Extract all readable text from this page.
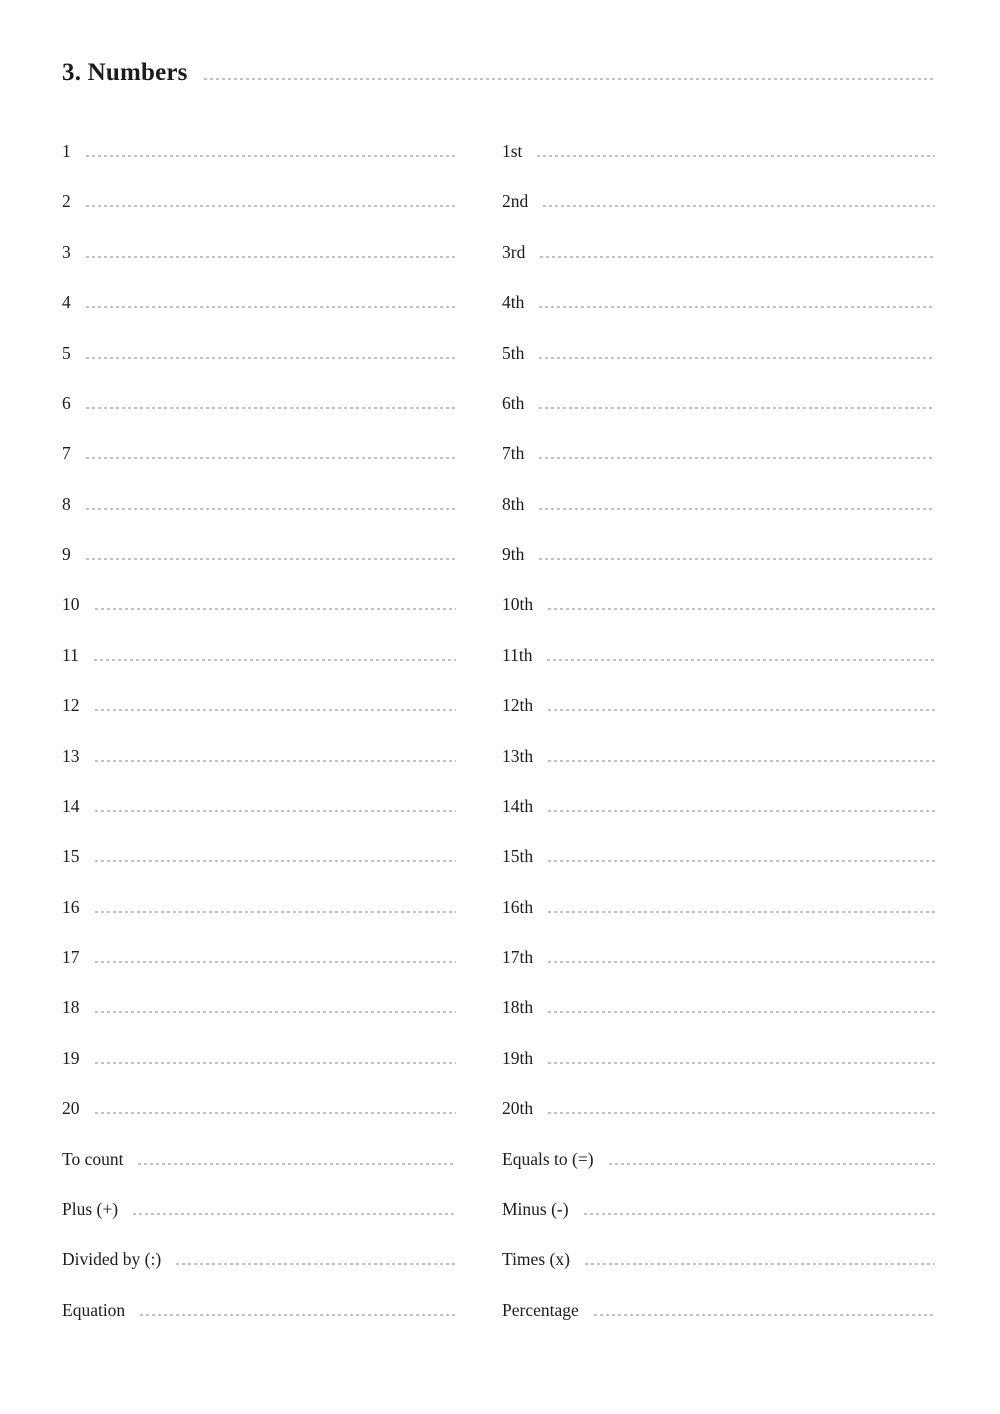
3. Numbers
1
2
3
4
5
6
7
8
9
10
11
12
13
14
15
16
17
18
19
20
To count
Plus (+)
Divided by (:)
Equation
1st
2nd
3rd
4th
5th
6th
7th
8th
9th
10th
11th
12th
13th
14th
15th
16th
17th
18th
19th
20th
Equals to (=)
Minus (-)
Times (x)
Percentage
